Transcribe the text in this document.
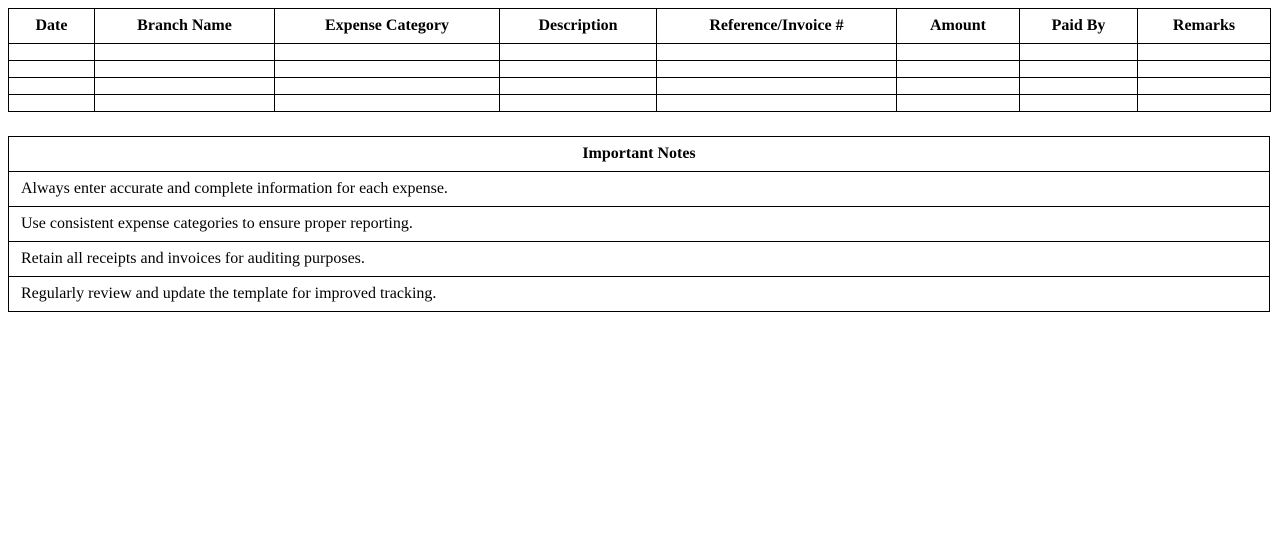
Date	Branch Name	Expense Category	Description	Reference/Invoice #	Amount	Paid By	Remarks

Important Notes
Always enter accurate and complete information for each expense.
Use consistent expense categories to ensure proper reporting.
Retain all receipts and invoices for auditing purposes.
Regularly review and update the template for improved tracking.
